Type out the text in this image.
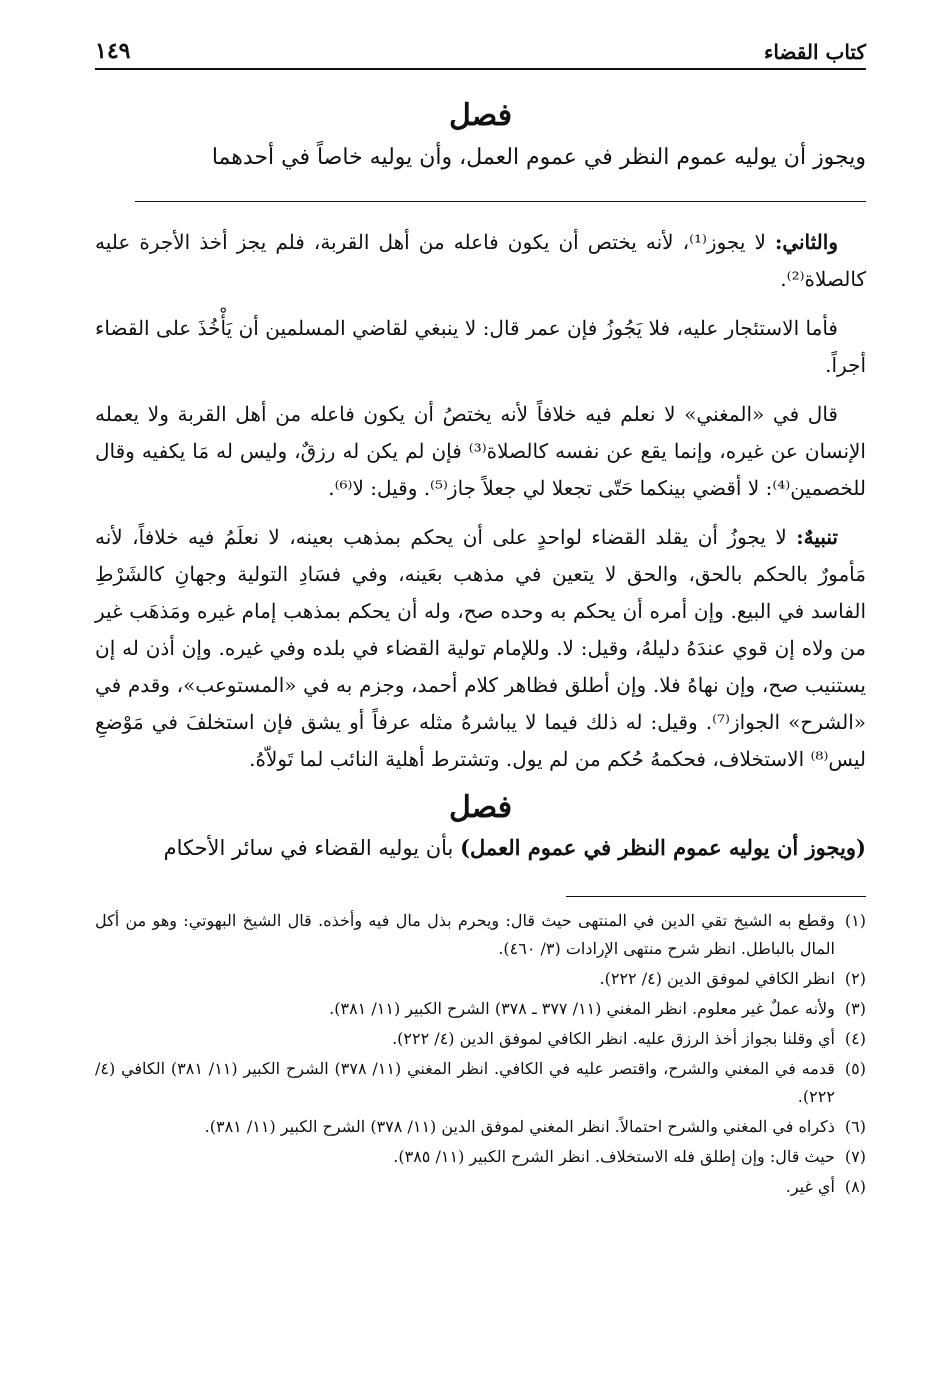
كتاب القضاء
١٤٩
فصل

ويجوز أن يوليه عموم النظر في عموم العمل، وأن يوليه خاصاً في أحدهما

والثاني: لا يجوز⁽¹⁾، لأنه يختص أن يكون فاعله من أهل القربة، فلم يجز أخذ الأجرة عليه كالصلاة⁽²⁾.

فأما الاستئجار عليه، فلا يَجُوزُ فإن عمر قال: لا ينبغي لقاضي المسلمين أن يَأْخُذَ على القضاء أجراً.

قال في «المغني» لا نعلم فيه خلافاً لأنه يختصُ أن يكون فاعله من أهل القربة ولا يعمله الإنسان عن غيره، وإنما يقع عن نفسه كالصلاة⁽³⁾ فإن لم يكن له رزقٌ، وليس له مَا يكفيه وقال للخصمين⁽⁴⁾: لا أقضي بينكما حَتّى تجعلا لي جعلاً جاز⁽⁵⁾. وقيل: لا⁽⁶⁾.

تنبيهٌ: لا يجوزُ أن يقلد القضاء لواحدٍ على أن يحكم بمذهب بعينه، لا نعلَمُ فيه خلافاً، لأنه مَأمورٌ بالحكم بالحق، والحق لا يتعين في مذهب بعَينه، وفي فسَادِ التولية وجهانِ كالشَرْطِ الفاسد في البيع. وإن أمره أن يحكم به وحده صح، وله أن يحكم بمذهب إمام غيره ومَذهَب غير من ولاه إن قوي عندَهُ دليلهُ، وقيل: لا. وللإمام تولية القضاء في بلده وفي غيره. وإن أذن له إن يستنيب صح، وإن نهاهُ فلا. وإن أطلق فظاهر كلام أحمد، وجزم به في «المستوعب»، وقدم في «الشرح» الجواز⁽⁷⁾. وقيل: له ذلك فيما لا يباشرهُ مثله عرفاً أو يشق فإن استخلفَ في مَوْضعِ ليس⁽⁸⁾ الاستخلاف، فحكمهُ حُكم من لم يول. وتشترط أهلية النائب لما تَولاّهُ.

فصل

(ويجوز أن يوليه عموم النظر في عموم العمل) بأن يوليه القضاء في سائر الأحكام

(١)
وقطع به الشيخ تقي الدين في المنتهى حيث قال: ويحرم بذل مال فيه وأخذه. قال الشيخ البهوتي: وهو من أكل المال بالباطل. انظر شرح منتهى الإرادات (٣/ ٤٦٠).
(٢)
انظر الكافي لموفق الدين (٤/ ٢٢٢).
(٣)
ولأنه عملٌ غير معلوم. انظر المغني (١١/ ٣٧٧ ـ ٣٧٨) الشرح الكبير (١١/ ٣٨١).
(٤)
أي وقلنا بجواز أخذ الرزق عليه. انظر الكافي لموفق الدين (٤/ ٢٢٢).
(٥)
قدمه في المغني والشرح، واقتصر عليه في الكافي. انظر المغني (١١/ ٣٧٨) الشرح الكبير (١١/ ٣٨١) الكافي (٤/ ٢٢٢).
(٦)
ذكراه في المغني والشرح احتمالاً. انظر المغني لموفق الدين (١١/ ٣٧٨) الشرح الكبير (١١/ ٣٨١).
(٧)
حيث قال: وإن إطلق فله الاستخلاف. انظر الشرح الكبير (١١/ ٣٨٥).
(٨)
أي غير.
